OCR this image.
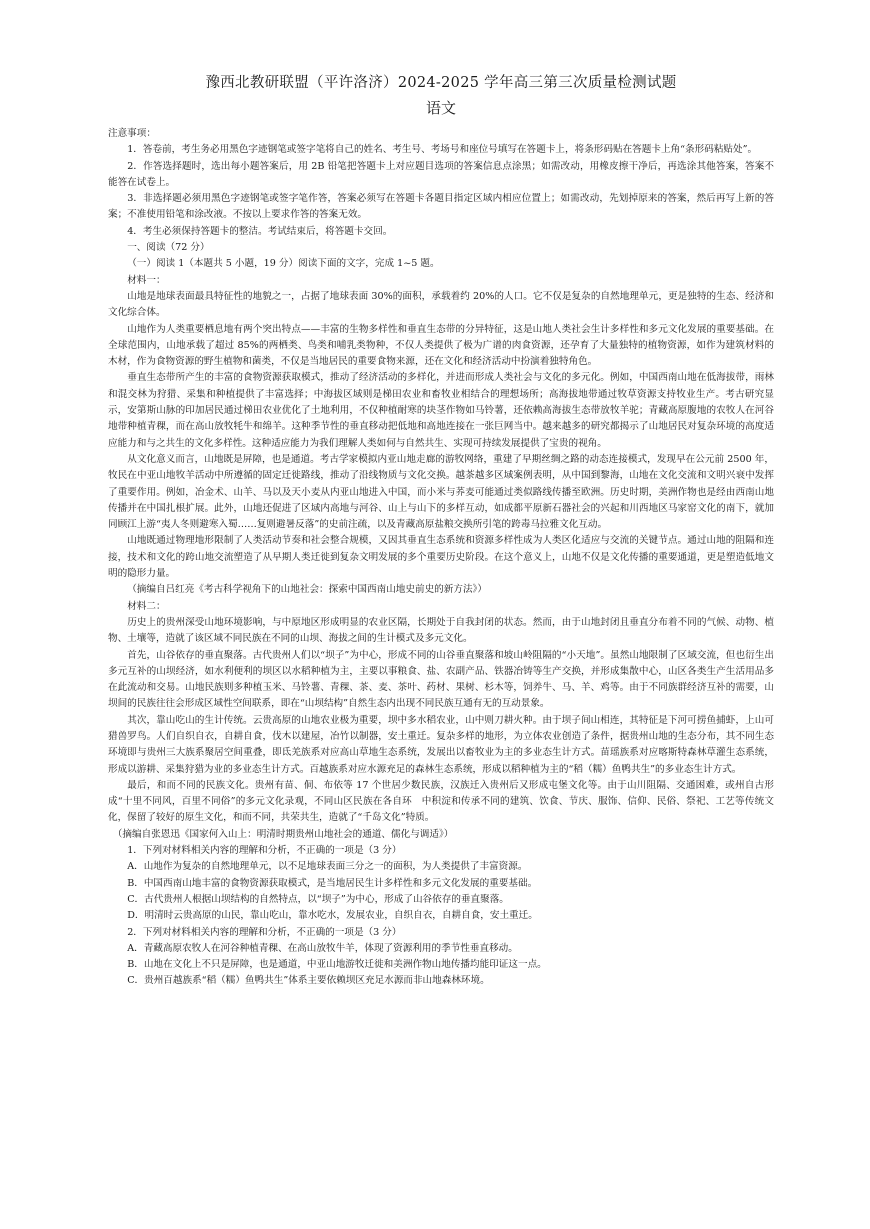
豫西北教研联盟（平许洛济）2024-2025 学年高三第三次质量检测试题
语文

注意事项：

1．答卷前，考生务必用黑色字迹钢笔或签字笔将自己的姓名、考生号、考场号和座位号填写在答题卡上，将条形码贴在答题卡上角“条形码粘贴处”。

2．作答选择题时，选出每小题答案后，用 2B 铅笔把答题卡上对应题目选项的答案信息点涂黑；如需改动，用橡皮擦干净后，再选涂其他答案，答案不能答在试卷上。

3．非选择题必须用黑色字迹钢笔或签字笔作答，答案必须写在答题卡各题目指定区域内相应位置上；如需改动，先划掉原来的答案，然后再写上新的答案；不准使用铅笔和涂改液。不按以上要求作答的答案无效。

4．考生必须保持答题卡的整洁。考试结束后，将答题卡交回。

一、阅读（72 分）

（一）阅读 1（本题共 5 小题，19 分）阅读下面的文字，完成 1~5 题。

材料一：

山地是地球表面最具特征性的地貌之一，占据了地球表面 30%的面积，承载着约 20%的人口。它不仅是复杂的自然地理单元，更是独特的生态、经济和文化综合体。

山地作为人类重要栖息地有两个突出特点——丰富的生物多样性和垂直生态带的分异特征，这是山地人类社会生计多样性和多元文化发展的重要基础。在全球范围内，山地承载了超过 85%的两栖类、鸟类和哺乳类物种，不仅人类提供了极为广谱的肉食资源，还孕育了大量独特的植物资源，如作为建筑材料的木材，作为食物资源的野生植物和菌类，不仅是当地居民的重要食物来源，还在文化和经济活动中扮演着独特角色。

垂直生态带所产生的丰富的食物资源获取模式，推动了经济活动的多样化，并进而形成人类社会与文化的多元化。例如，中国西南山地在低海拔带，雨林和混交林为狩猎、采集和种植提供了丰富选择；中海拔区域则是梯田农业和畜牧业相结合的理想场所；高海拔地带通过牧草资源支持牧业生产。考古研究显示，安第斯山脉的印加居民通过梯田农业优化了土地利用，不仅种植耐寒的块茎作物如马铃薯，还依赖高海拔生态带放牧羊驼；青藏高原腹地的农牧人在河谷地带种植青稞，而在高山放牧牦牛和绵羊。这种季节性的垂直移动把低地和高地连接在一张巨网当中。越来越多的研究都揭示了山地居民对复杂环境的高度适应能力和与之共生的文化多样性。这种适应能力为我们理解人类如何与自然共生、实现可持续发展提供了宝贵的视角。

从文化意义而言，山地既是屏障，也是通道。考古学家模拟内亚山地走廊的游牧网络，重建了早期丝绸之路的动态连接模式，发现早在公元前 2500 年，牧民在中亚山地牧羊活动中所遵循的固定迁徙路线，推动了沿线物质与文化交换。越茶越多区域案例表明，从中国到黎海，山地在文化交流和文明兴衰中发挥了重要作用。例如，冶金术、山羊、马以及天小麦从内亚山地进入中国，而小米与荞麦可能通过类似路线传播至欧洲。历史时期，美洲作物也是经由西南山地传播并在中国扎根扩展。此外，山地还促进了区域内高地与河谷、山上与山下的多样互动，如成都平原新石器社会的兴起和川西地区马家窑文化的南下，就加同顾江上游“夷人冬则避寒入蜀……复则避暑反落”的史前注疏，以及青藏高原盐粮交换所引笔的跨毒马拉雅文化互动。

山地既通过物理地形限制了人类活动节奏和社会整合规模，又因其垂直生态系统和资源多样性成为人类区化适应与交流的关键节点。通过山地的阻隔和连接，技术和文化的跨山地交流塑造了从早期人类迁徙到复杂文明发展的多个重要历史阶段。在这个意义上，山地不仅是文化传播的重要通道，更是塑造低地文明的隐形力量。

（摘编自吕红亮《考古科学视角下的山地社会：探索中国西南山地史前史的新方法》）

材料二：

历史上的贵州深受山地环境影响，与中原地区形成明显的农业区隔，长期处于自我封闭的状态。然而，由于山地封闭且垂直分布着不同的气候、动物、植物、土壤等，造就了该区域不同民族在不同的山坝、海拔之间的生计模式及多元文化。

首先，山谷依存的垂直聚落。古代贵州人们以“坝子”为中心，形成不同的山谷垂直聚落和坡山岭阻隔的“小天地”。虽然山地限制了区域交流，但也衍生出多元互补的山坝经济，如水利便利的坝区以水稻种植为主，主要以事粮食、盐、农副产品、铁器冶铸等生产交换，并形成集散中心，山区各类生产生活用品多在此流动和交易。山地民族则多种植玉米、马铃薯、青稞、茶、麦、茶叶、药材、果树、杉木等，饲养牛、马、羊、鸡等。由于不同族群经济互补的需要，山坝间的民族往往会形成区域性空间联系，即在“山坝结构”自然生态内出现不同民族互通有无的互动景象。

其次，靠山吃山的生计传统。云贵高原的山地农业极为重要，坝中多水稻农业，山中则刀耕火种。由于坝子间山相连，其特征是下河可捞鱼捕虾，上山可猎兽罗鸟。人们自织自衣，自耕自食，伐木以建屋，冶竹以制器，安土重迁。复杂多样的地形，为立体农业创造了条件，据贵州山地的生态分布，其不同生态环境即与贵州三大族系聚居空间重叠，即氐羌族系对应高山草地生态系统，发展出以畜牧业为主的多业态生计方式。苗瑶族系对应喀斯特森林草灌生态系统，形成以游耕、采集狩猎为业的多业态生计方式。百越族系对应水源充足的森林生态系统，形成以稻种植为主的“稻（糯）鱼鸭共生”的多业态生计方式。

最后，和而不同的民族文化。贵州有苗、侗、布依等 17 个世居少数民族，汉族迁入贵州后又形成屯堡文化等。由于山川阻隔、交通困难，或州自古形成“十里不同风，百里不同俗”的多元文化录观，不同山区民族在各自环　中积淀和传承不同的建筑、饮食、节庆、服饰、信仰、民俗、祭祀、工艺等传统文化，保留了较好的原生文化，和而不同，共荣共生，造就了“千岛文化”特质。

（摘编自张恩迅《国家何入山上：明清时期贵州山地社会的通道、儒化与调适》）

1．下列对材料相关内容的理解和分析，不正确的一项是（3 分）

A．山地作为复杂的自然地理单元，以不足地球表面三分之一的面积，为人类提供了丰富资源。

B．中国西南山地丰富的食物资源获取模式，是当地居民生计多样性和多元文化发展的重要基础。

C．古代贵州人根据山坝结构的自然特点，以“坝子”为中心，形成了山谷依存的垂直聚落。

D．明清时云贵高原的山民，靠山吃山，靠水吃水，发展农业，自织自衣，自耕自食，安土重迁。

2．下列对材料相关内容的理解和分析，不正确的一项是（3 分）

A．青藏高原农牧人在河谷种植青稞、在高山放牧牛羊，体现了资源利用的季节性垂直移动。

B．山地在文化上不只是屏障，也是通道，中亚山地游牧迁徙和美洲作物山地传播均能印证这一点。

C．贵州百越族系“稻（糯）鱼鸭共生”体系主要依赖坝区充足水源而非山地森林环境。
